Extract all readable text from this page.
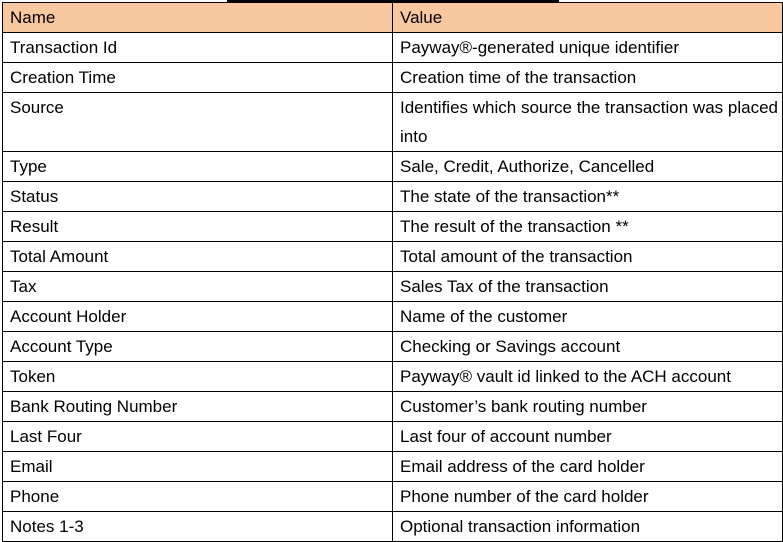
Name	Value
Transaction Id	Payway®-generated unique identifier
Creation Time	Creation time of the transaction
Source	Identifies which source the transaction was placed into
Type	Sale, Credit, Authorize, Cancelled
Status	The state of the transaction**
Result	The result of the transaction **
Total Amount	Total amount of the transaction
Tax	Sales Tax of the transaction
Account Holder	Name of the customer
Account Type	Checking or Savings account
Token	Payway® vault id linked to the ACH account
Bank Routing Number	Customer’s bank routing number
Last Four	Last four of account number
Email	Email address of the card holder
Phone	Phone number of the card holder
Notes 1-3	Optional transaction information
